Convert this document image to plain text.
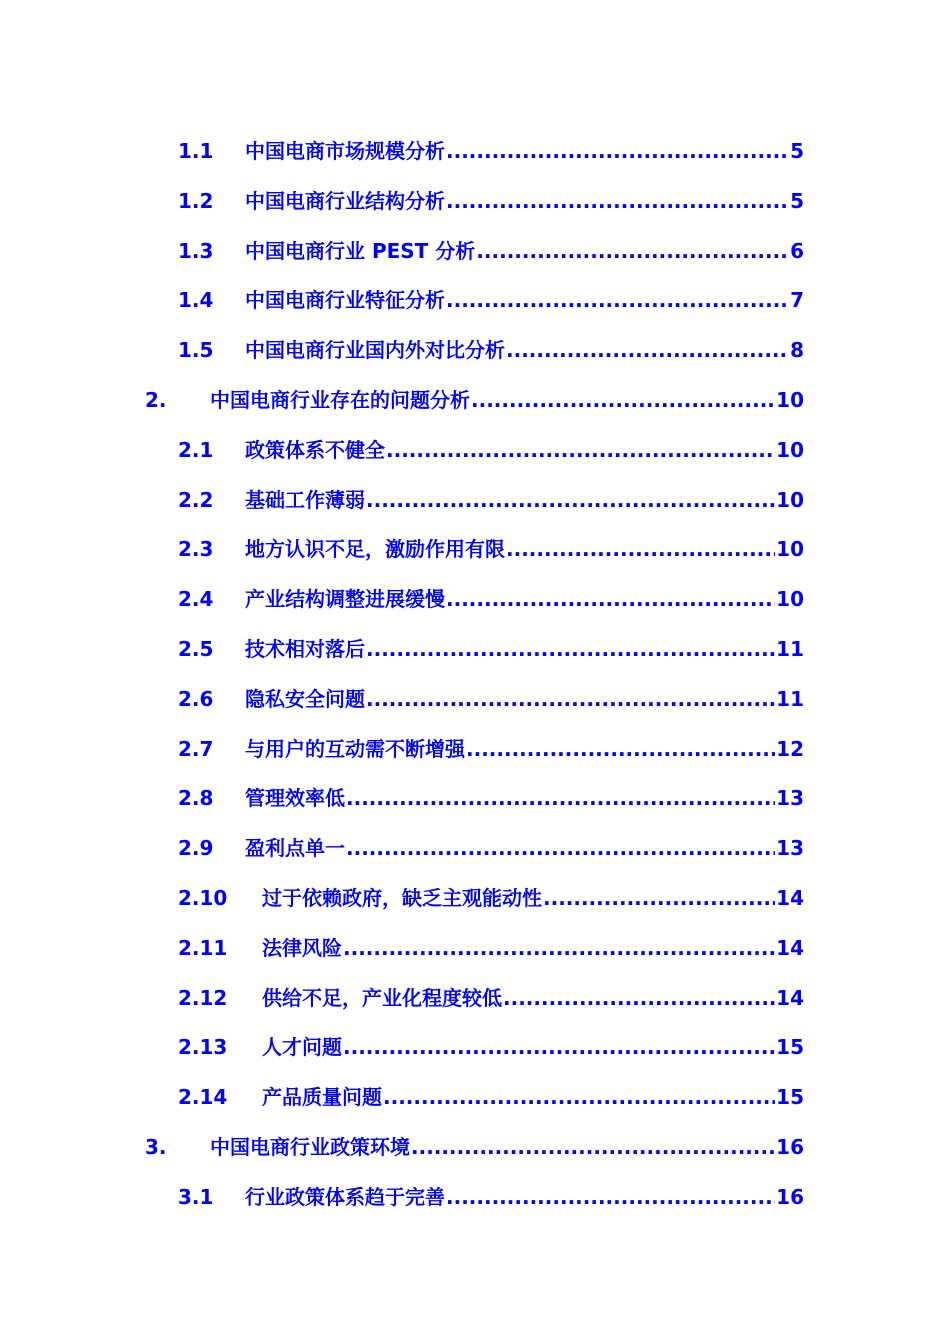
1.1 中国电商市场规模分析 .....	5
1.2 中国电商行业结构分析 .....	5
1.3 中国电商行业 PEST 分析 .....	6
1.4 中国电商行业特征分析 .....	7
1.5 中国电商行业国内外对比分析 .....	8
2. 中国电商行业存在的问题分析 .....	10
2.1 政策体系不健全 .....	10
2.2 基础工作薄弱 .....	10
2.3 地方认识不足，激励作用有限 .....	10
2.4 产业结构调整进展缓慢 .....	10
2.5 技术相对落后 .....	11
2.6 隐私安全问题 .....	11
2.7 与用户的互动需不断增强 .....	12
2.8 管理效率低 .....	13
2.9 盈利点单一 .....	13
2.10 过于依赖政府，缺乏主观能动性 .....	14
2.11 法律风险 .....	14
2.12 供给不足，产业化程度较低 .....	14
2.13 人才问题 .....	15
2.14 产品质量问题 .....	15
3. 中国电商行业政策环境 .....	16
3.1 行业政策体系趋于完善 .....	16
